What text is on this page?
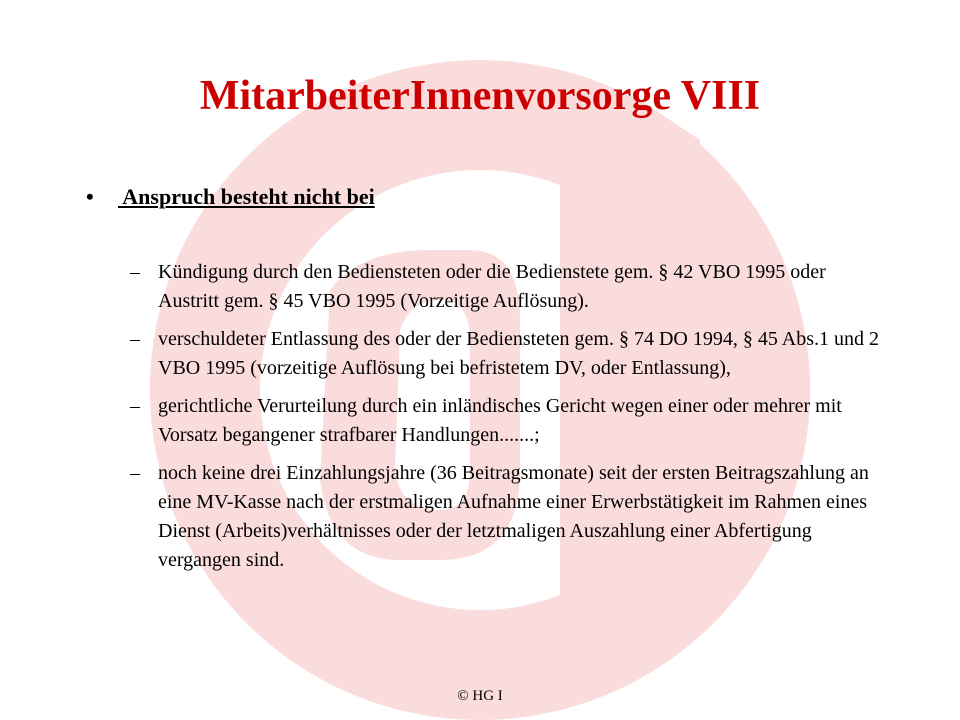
MitarbeiterInnenvorsorge VIII
•	Anspruch besteht nicht bei
– Kündigung durch den Bediensteten oder die Bedienstete gem. § 42 VBO 1995 oder Austritt gem. § 45 VBO 1995 (Vorzeitige Auflösung).
– verschuldeter Entlassung des oder der Bediensteten gem. § 74 DO 1994, § 45 Abs.1 und 2 VBO 1995 (vorzeitige Auflösung bei befristetem DV, oder Entlassung),
– gerichtliche Verurteilung durch ein inländisches Gericht wegen einer oder mehrer mit Vorsatz begangener strafbarer Handlungen.......;
– noch keine drei Einzahlungsjahre (36 Beitragsmonate) seit der ersten Beitragszahlung an eine MV-Kasse nach der erstmaligen Aufnahme einer Erwerbstätigkeit im Rahmen eines Dienst (Arbeits)verhältnisses oder der letztmaligen Auszahlung einer Abfertigung vergangen sind.
© HG I
